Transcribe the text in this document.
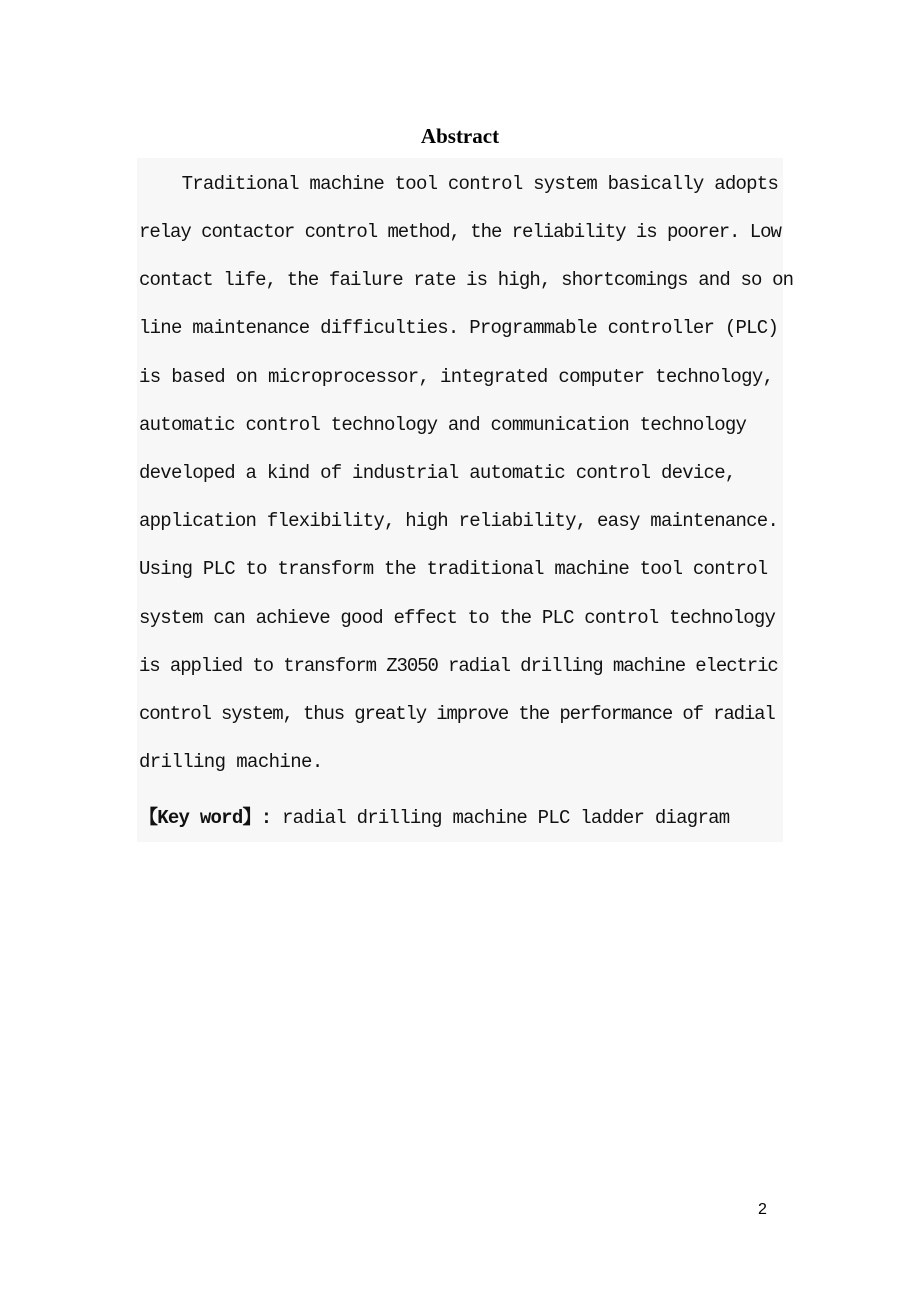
Abstract
Traditional machine tool control system basically adopts
relay contactor control method, the reliability is poorer. Low
contact life, the failure rate is high, shortcomings and so on
line maintenance difficulties. Programmable controller (PLC)
is based on microprocessor, integrated computer technology,
automatic control technology and communication technology
developed a kind of industrial automatic control device,
application flexibility, high reliability, easy maintenance.
Using PLC to transform the traditional machine tool control
system can achieve good effect to the PLC control technology
is applied to transform Z3050 radial drilling machine electric
control system, thus greatly improve the performance of radial
drilling machine.
【Key word】: radial drilling machine PLC ladder diagram
2
